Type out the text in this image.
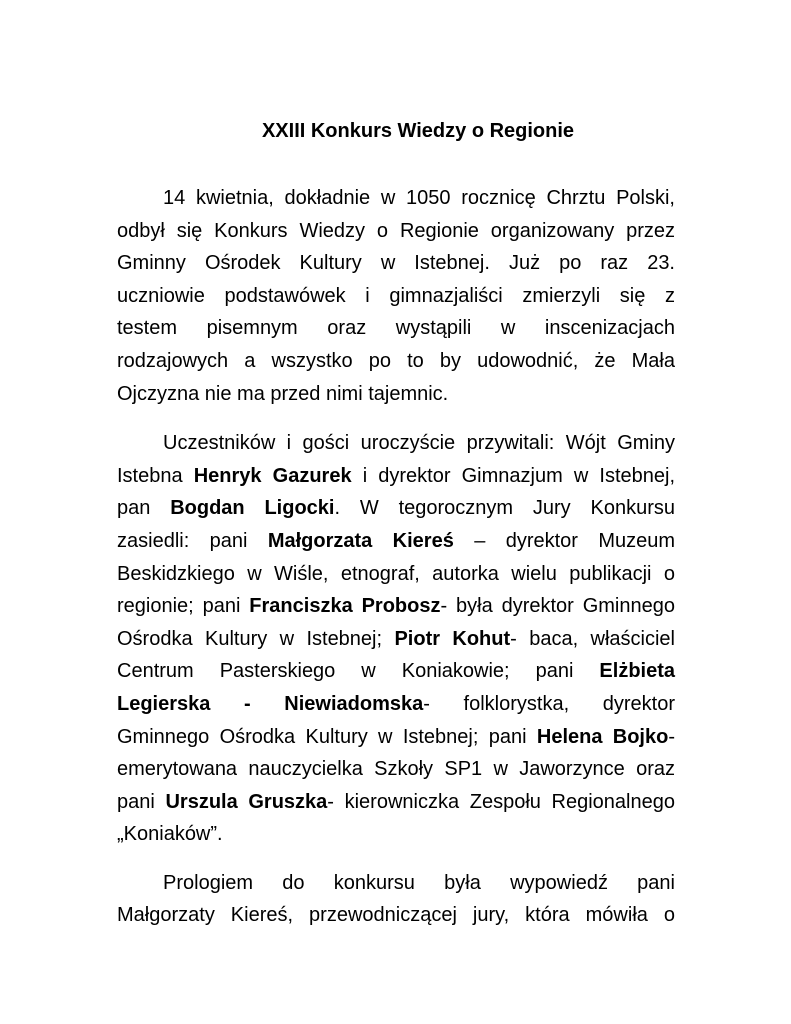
XXIII Konkurs Wiedzy o Regionie

14 kwietnia, dokładnie w 1050 rocznicę Chrztu Polski,
odbył się Konkurs Wiedzy o Regionie organizowany przez
Gminny Ośrodek Kultury w Istebnej. Już po raz 23.
uczniowie podstawówek i gimnazjaliści zmierzyli się z
testem pisemnym oraz wystąpili w inscenizacjach
rodzajowych a wszystko po to by udowodnić, że Mała
Ojczyzna nie ma przed nimi tajemnic.

Uczestników i gości uroczyście przywitali: Wójt Gminy
Istebna Henryk Gazurek i dyrektor Gimnazjum w Istebnej,
pan Bogdan Ligocki. W tegorocznym Jury Konkursu
zasiedli: pani Małgorzata Kiereś – dyrektor Muzeum
Beskidzkiego w Wiśle, etnograf, autorka wielu publikacji o
regionie; pani Franciszka Probosz- była dyrektor Gminnego
Ośrodka Kultury w Istebnej; Piotr Kohut- baca, właściciel
Centrum Pasterskiego w Koniakowie; pani Elżbieta
Legierska - Niewiadomska- folklorystka, dyrektor
Gminnego Ośrodka Kultury w Istebnej; pani Helena Bojko-
emerytowana nauczycielka Szkoły SP1 w Jaworzynce oraz
pani Urszula Gruszka- kierowniczka Zespołu Regionalnego
„Koniaków”.

Prologiem do konkursu była wypowiedź pani
Małgorzaty Kiereś, przewodniczącej jury, która mówiła o
